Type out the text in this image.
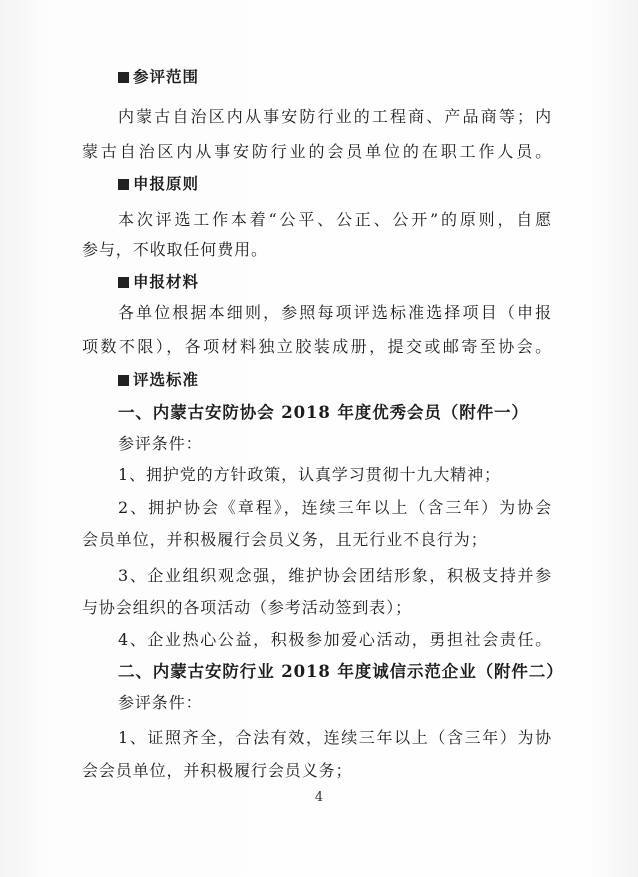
参评范围
内蒙古自治区内从事安防行业的工程商、产品商等；内
蒙古自治区内从事安防行业的会员单位的在职工作人员。
申报原则
本次评选工作本着“公平、公正、公开”的原则，自愿
参与，不收取任何费用。
申报材料
各单位根据本细则，参照每项评选标准选择项目（申报
项数不限），各项材料独立胶装成册，提交或邮寄至协会。
评选标准
一、内蒙古安防协会 2018 年度优秀会员（附件一）
参评条件：
1、拥护党的方针政策，认真学习贯彻十九大精神；
2、拥护协会《章程》，连续三年以上（含三年）为协会
会员单位，并积极履行会员义务，且无行业不良行为；
3、企业组织观念强，维护协会团结形象，积极支持并参
与协会组织的各项活动（参考活动签到表）；
4、企业热心公益，积极参加爱心活动，勇担社会责任。
二、内蒙古安防行业 2018 年度诚信示范企业（附件二）
参评条件：
1、证照齐全，合法有效，连续三年以上（含三年）为协
会会员单位，并积极履行会员义务；
4
